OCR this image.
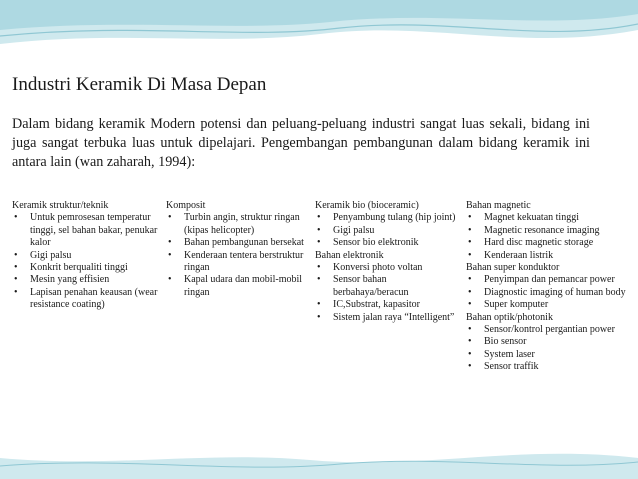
Industri Keramik Di Masa Depan
Dalam bidang keramik Modern potensi dan peluang-peluang industri sangat luas sekali, bidang ini juga sangat terbuka luas untuk dipelajari. Pengembangan pembangunan dalam bidang keramik ini antara lain (wan zaharah, 1994):
Keramik struktur/teknik
• Untuk pemrosesan temperatur tinggi, sel bahan bakar, penukar kalor
• Gigi palsu
• Konkrit berqualiti tinggi
• Mesin yang effisien
• Lapisan penahan keausan (wear resistance coating)
Komposit
• Turbin angin, struktur ringan (kipas helicopter)
• Bahan pembangunan bersekat
• Kenderaan tentera berstruktur ringan
• Kapal udara dan mobil-mobil ringan
Keramik bio (bioceramic)
• Penyambung tulang (hip joint)
• Gigi palsu
• Sensor bio elektronik
Bahan elektronik
• Konversi photo voltan
• Sensor bahan berbahaya/beracun
• IC,Substrat, kapasitor
• Sistem jalan raya “Intelligent”
Bahan magnetic
• Magnet kekuatan tinggi
• Magnetic resonance imaging
• Hard disc magnetic storage
• Kenderaan listrik
Bahan super konduktor
• Penyimpan dan pemancar power
• Diagnostic imaging of human body
• Super komputer
Bahan optik/photonik
• Sensor/kontrol pergantian power
• Bio sensor
• System laser
• Sensor traffik
